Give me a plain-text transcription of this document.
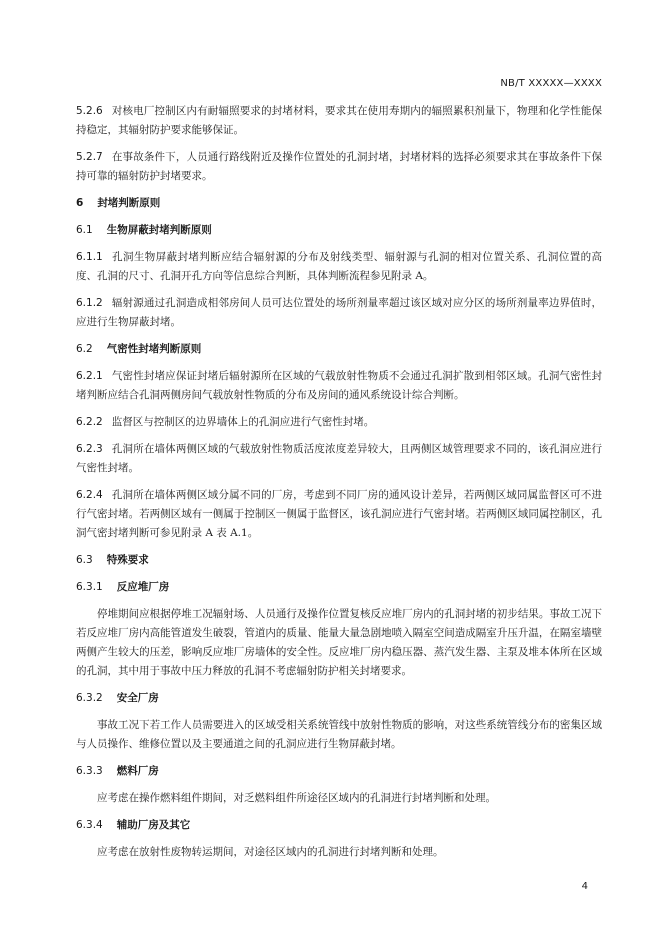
NB/T XXXXX—XXXX

5.2.6 对核电厂控制区内有耐辐照要求的封堵材料，要求其在使用寿期内的辐照累积剂量下，物理和化学性能保持稳定，其辐射防护要求能够保证。

5.2.7 在事故条件下，人员通行路线附近及操作位置处的孔洞封堵，封堵材料的选择必须要求其在事故条件下保持可靠的辐射防护封堵要求。

6 封堵判断原则
6.1 生物屏蔽封堵判断原则

6.1.1 孔洞生物屏蔽封堵判断应结合辐射源的分布及射线类型、辐射源与孔洞的相对位置关系、孔洞位置的高度、孔洞的尺寸、孔洞开孔方向等信息综合判断，具体判断流程参见附录 A。

6.1.2 辐射源通过孔洞造成相邻房间人员可达位置处的场所剂量率超过该区域对应分区的场所剂量率边界值时，应进行生物屏蔽封堵。

6.2 气密性封堵判断原则

6.2.1 气密性封堵应保证封堵后辐射源所在区域的气载放射性物质不会通过孔洞扩散到相邻区域。孔洞气密性封堵判断应结合孔洞两侧房间气载放射性物质的分布及房间的通风系统设计综合判断。

6.2.2 监督区与控制区的边界墙体上的孔洞应进行气密性封堵。

6.2.3 孔洞所在墙体两侧区域的气载放射性物质活度浓度差异较大，且两侧区域管理要求不同的，该孔洞应进行气密性封堵。

6.2.4 孔洞所在墙体两侧区域分属不同的厂房，考虑到不同厂房的通风设计差异，若两侧区域同属监督区可不进行气密封堵。若两侧区域有一侧属于控制区一侧属于监督区，该孔洞应进行气密封堵。若两侧区域同属控制区，孔洞气密封堵判断可参见附录 A 表 A.1。

6.3 特殊要求
6.3.1 反应堆厂房

停堆期间应根据停堆工况辐射场、人员通行及操作位置复核反应堆厂房内的孔洞封堵的初步结果。事故工况下若反应堆厂房内高能管道发生破裂，管道内的质量、能量大量急剧地喷入隔室空间造成隔室升压升温，在隔室墙壁两侧产生较大的压差，影响反应堆厂房墙体的安全性。反应堆厂房内稳压器、蒸汽发生器、主泵及堆本体所在区域的孔洞，其中用于事故中压力释放的孔洞不考虑辐射防护相关封堵要求。

6.3.2 安全厂房

事故工况下若工作人员需要进入的区域受相关系统管线中放射性物质的影响，对这些系统管线分布的密集区域与人员操作、维修位置以及主要通道之间的孔洞应进行生物屏蔽封堵。

6.3.3 燃料厂房

应考虑在操作燃料组件期间，对乏燃料组件所途径区域内的孔洞进行封堵判断和处理。

6.3.4 辅助厂房及其它

应考虑在放射性废物转运期间，对途径区域内的孔洞进行封堵判断和处理。

4
